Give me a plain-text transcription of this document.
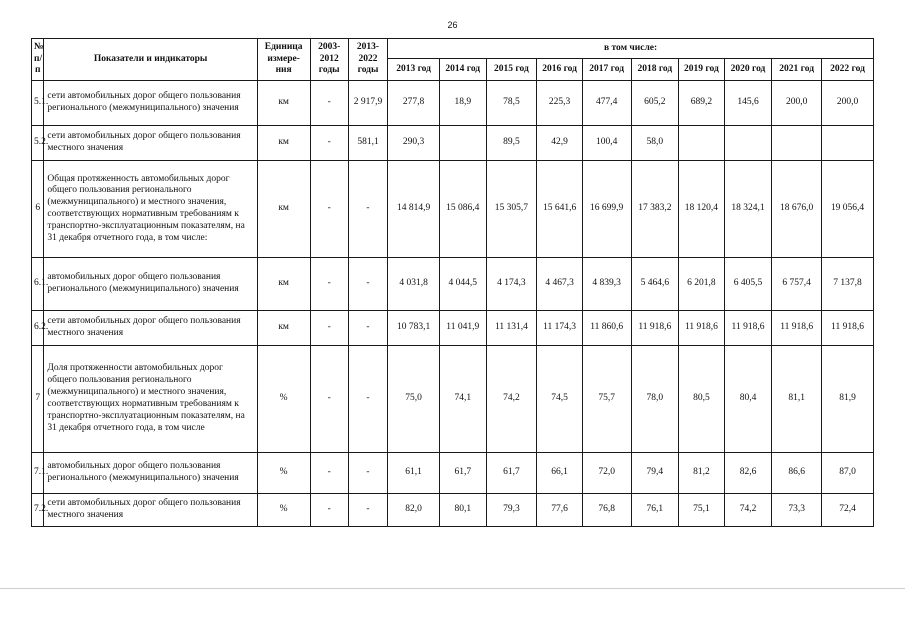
26
№ п/п	Показатели и индикаторы	Единица измере-ния	2003-2012 годы	2013-2022 годы	в том числе:									
					2013 год	2014 год	2015 год	2016 год	2017 год	2018 год	2019 год	2020 год	2021 год	2022 год
5.1.	сети автомобильных дорог общего пользования регионального (межмуниципального) значения	км	-	2 917,9	277,8	18,9	78,5	225,3	477,4	605,2	689,2	145,6	200,0	200,0
5.2.	сети автомобильных дорог общего пользования местного значения	км	-	581,1	290,3		89,5	42,9	100,4	58,0				
6	Общая протяженность автомобильных дорог общего пользования регионального (межмуниципального) и местного значения, соответствующих нормативным требованиям к транспортно-эксплуатационным показателям, на 31 декабря отчетного года, в том числе:	км	-	-	14 814,9	15 086,4	15 305,7	15 641,6	16 699,9	17 383,2	18 120,4	18 324,1	18 676,0	19 056,4
6.1.	автомобильных дорог общего пользования регионального (межмуниципального) значения	км	-	-	4 031,8	4 044,5	4 174,3	4 467,3	4 839,3	5 464,6	6 201,8	6 405,5	6 757,4	7 137,8
6.2.	сети автомобильных дорог общего пользования местного значения	км	-	-	10 783,1	11 041,9	11 131,4	11 174,3	11 860,6	11 918,6	11 918,6	11 918,6	11 918,6	11 918,6
7	Доля протяженности автомобильных дорог общего пользования регионального (межмуниципального) и местного значения, соответствующих нормативным требованиям к транспортно-эксплуатационным показателям, на 31 декабря отчетного года, в том числе	%	-	-	75,0	74,1	74,2	74,5	75,7	78,0	80,5	80,4	81,1	81,9
7.1.	автомобильных дорог общего пользования регионального (межмуниципального) значения	%	-	-	61,1	61,7	61,7	66,1	72,0	79,4	81,2	82,6	86,6	87,0
7.2.	сети автомобильных дорог общего пользования местного значения	%	-	-	82,0	80,1	79,3	77,6	76,8	76,1	75,1	74,2	73,3	72,4
